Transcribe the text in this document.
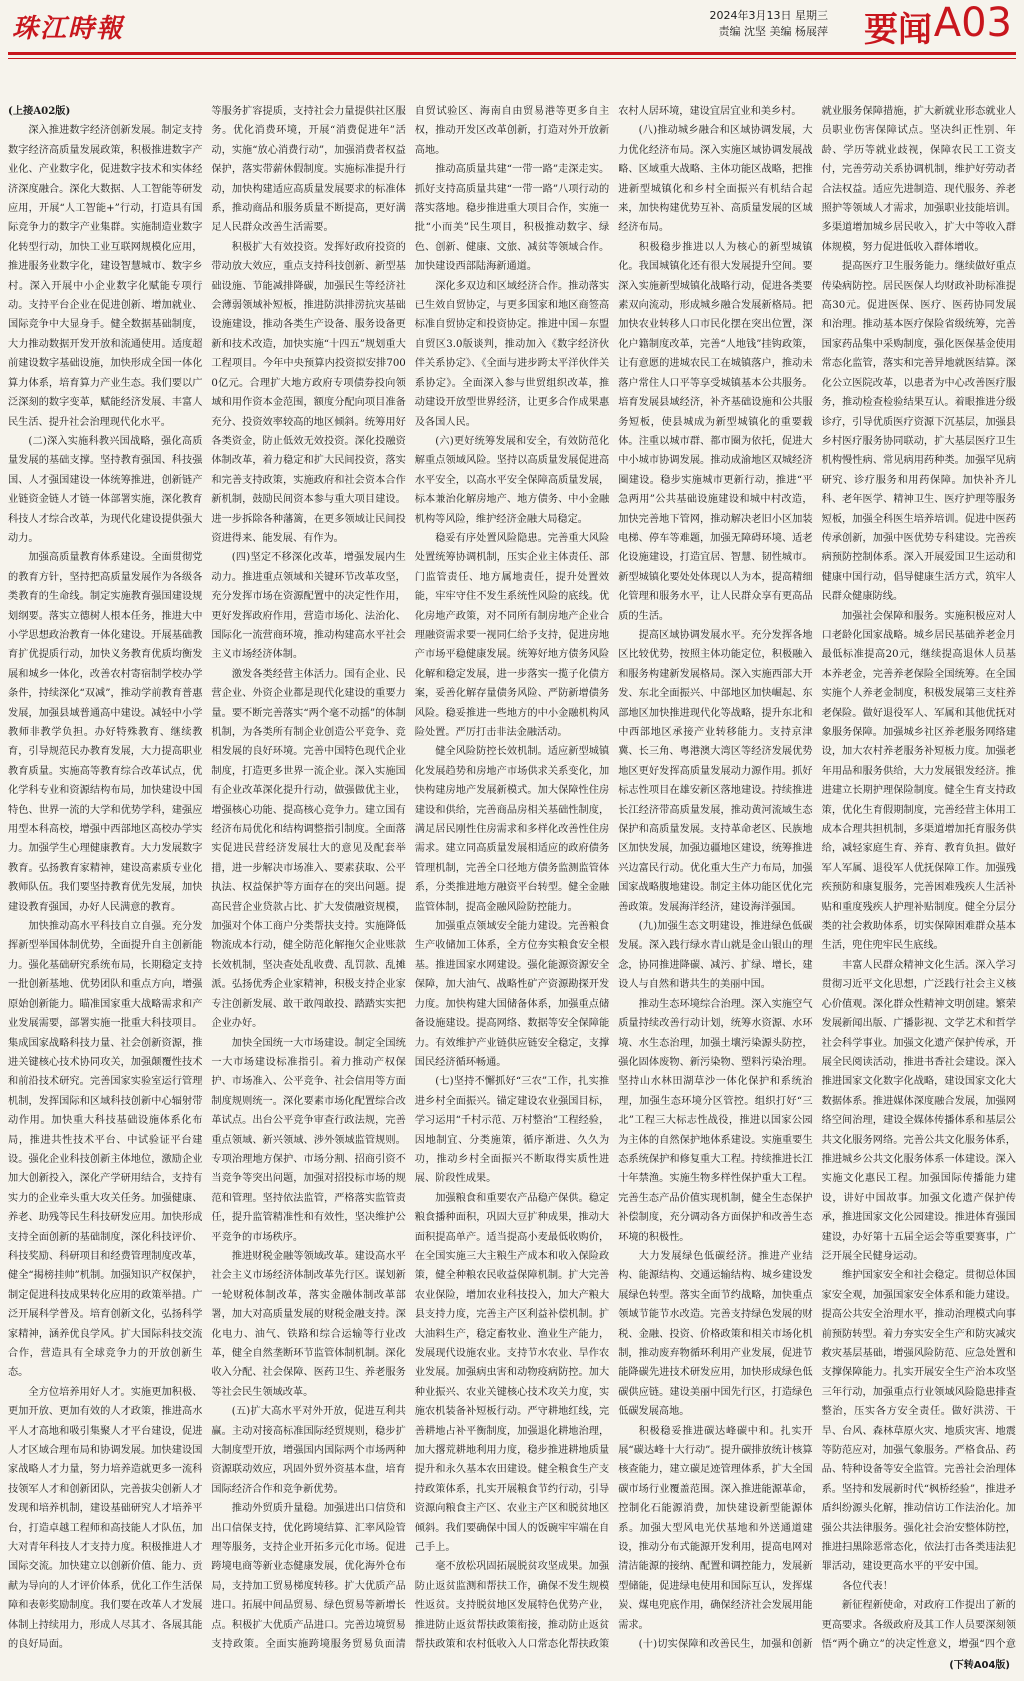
珠江時報	2024年3月13日 星期三
责编 沈坚 美编 杨展萍 要闻 A03

(上接A02版)

深入推进数字经济创新发展。制定支持数字经济高质量发展政策，积极推进数字产业化、产业数字化，促进数字技术和实体经济深度融合。深化大数据、人工智能等研发应用，开展“人工智能+”行动，打造具有国际竞争力的数字产业集群。实施制造业数字化转型行动，加快工业互联网规模化应用，推进服务业数字化，建设智慧城市、数字乡村。深入开展中小企业数字化赋能专项行动。支持平台企业在促进创新、增加就业、国际竞争中大显身手。健全数据基础制度，大力推动数据开发开放和流通使用。适度超前建设数字基础设施，加快形成全国一体化算力体系，培育算力产业生态。我们要以广泛深刻的数字变革，赋能经济发展、丰富人民生活、提升社会治理现代化水平。

(二)深入实施科教兴国战略，强化高质量发展的基础支撑。坚持教育强国、科技强国、人才强国建设一体统筹推进，创新链产业链资金链人才链一体部署实施，深化教育科技人才综合改革，为现代化建设提供强大动力。

加强高质量教育体系建设。全面贯彻党的教育方针，坚持把高质量发展作为各级各类教育的生命线。制定实施教育强国建设规划纲要。落实立德树人根本任务，推进大中小学思想政治教育一体化建设。开展基础教育扩优提质行动，加快义务教育优质均衡发展和城乡一体化，改善农村寄宿制学校办学条件，持续深化“双减”，推动学前教育普惠发展，加强县域普通高中建设。减轻中小学教师非教学负担。办好特殊教育、继续教育，引导规范民办教育发展，大力提高职业教育质量。实施高等教育综合改革试点，优化学科专业和资源结构布局，加快建设中国特色、世界一流的大学和优势学科，建强应用型本科高校，增强中西部地区高校办学实力。加强学生心理健康教育。大力发展数字教育。弘扬教育家精神，建设高素质专业化教师队伍。我们要坚持教育优先发展，加快建设教育强国，办好人民满意的教育。

加快推动高水平科技自立自强。充分发挥新型举国体制优势，全面提升自主创新能力。强化基础研究系统布局，长期稳定支持一批创新基地、优势团队和重点方向，增强原始创新能力。瞄准国家重大战略需求和产业发展需要，部署实施一批重大科技项目。集成国家战略科技力量、社会创新资源，推进关键核心技术协同攻关，加强颠覆性技术和前沿技术研究。完善国家实验室运行管理机制，发挥国际和区域科技创新中心辐射带动作用。加快重大科技基础设施体系化布局，推进共性技术平台、中试验证平台建设。强化企业科技创新主体地位，激励企业加大创新投入，深化产学研用结合，支持有实力的企业牵头重大攻关任务。加强健康、养老、助残等民生科技研发应用。加快形成支持全面创新的基础制度，深化科技评价、科技奖励、科研项目和经费管理制度改革，健全“揭榜挂帅”机制。加强知识产权保护，制定促进科技成果转化应用的政策举措。广泛开展科学普及。培育创新文化，弘扬科学家精神，涵养优良学风。扩大国际科技交流合作，营造具有全球竞争力的开放创新生态。

全方位培养用好人才。实施更加积极、更加开放、更加有效的人才政策，推进高水平人才高地和吸引集聚人才平台建设，促进人才区域合理布局和协调发展。加快建设国家战略人才力量，努力培养造就更多一流科技领军人才和创新团队，完善拔尖创新人才发现和培养机制，建设基础研究人才培养平台，打造卓越工程师和高技能人才队伍，加大对青年科技人才支持力度。积极推进人才国际交流。加快建立以创新价值、能力、贡献为导向的人才评价体系，优化工作生活保障和表彰奖励制度。我们要在改革人才发展体制上持续用力，形成人尽其才、各展其能的良好局面。

等服务扩容提质，支持社会力量提供社区服务。优化消费环境，开展“消费促进年”活动，实施“放心消费行动”，加强消费者权益保护，落实带薪休假制度。实施标准提升行动，加快构建适应高质量发展要求的标准体系，推动商品和服务质量不断提高，更好满足人民群众改善生活需要。

积极扩大有效投资。发挥好政府投资的带动放大效应，重点支持科技创新、新型基础设施、节能减排降碳，加强民生等经济社会薄弱领域补短板，推进防洪排涝抗灾基础设施建设，推动各类生产设备、服务设备更新和技术改造，加快实施“十四五”规划重大工程项目。今年中央预算内投资拟安排7000亿元。合理扩大地方政府专项债券投向领域和用作资本金范围，额度分配向项目准备充分、投资效率较高的地区倾斜。统筹用好各类资金，防止低效无效投资。深化投融资体制改革，着力稳定和扩大民间投资，落实和完善支持政策，实施政府和社会资本合作新机制，鼓励民间资本参与重大项目建设。进一步拆除各种藩篱，在更多领域让民间投资进得来、能发展、有作为。

(四)坚定不移深化改革，增强发展内生动力。推进重点领域和关键环节改革攻坚，充分发挥市场在资源配置中的决定性作用，更好发挥政府作用，营造市场化、法治化、国际化一流营商环境，推动构建高水平社会主义市场经济体制。

激发各类经营主体活力。国有企业、民营企业、外资企业都是现代化建设的重要力量。要不断完善落实“两个毫不动摇”的体制机制，为各类所有制企业创造公平竞争、竞相发展的良好环境。完善中国特色现代企业制度，打造更多世界一流企业。深入实施国有企业改革深化提升行动，做强做优主业，增强核心功能、提高核心竞争力。建立国有经济布局优化和结构调整指引制度。全面落实促进民营经济发展壮大的意见及配套举措，进一步解决市场准入、要素获取、公平执法、权益保护等方面存在的突出问题。提高民营企业贷款占比、扩大发债融资规模，加强对个体工商户分类帮扶支持。实施降低物流成本行动，健全防范化解拖欠企业账款长效机制，坚决查处乱收费、乱罚款、乱摊派。弘扬优秀企业家精神，积极支持企业家专注创新发展、敢干敢闯敢投、踏踏实实把企业办好。

加快全国统一大市场建设。制定全国统一大市场建设标准指引。着力推动产权保护、市场准入、公平竞争、社会信用等方面制度规则统一。深化要素市场化配置综合改革试点。出台公平竞争审查行政法规，完善重点领域、新兴领域、涉外领域监管规则。专项治理地方保护、市场分割、招商引资不当竞争等突出问题，加强对招投标市场的规范和管理。坚持依法监管，严格落实监管责任，提升监管精准性和有效性，坚决维护公平竞争的市场秩序。

推进财税金融等领域改革。建设高水平社会主义市场经济体制改革先行区。谋划新一轮财税体制改革，落实金融体制改革部署，加大对高质量发展的财税金融支持。深化电力、油气、铁路和综合运输等行业改革，健全自然垄断环节监管体制机制。深化收入分配、社会保障、医药卫生、养老服务等社会民生领域改革。

(五)扩大高水平对外开放，促进互利共赢。主动对接高标准国际经贸规则，稳步扩大制度型开放，增强国内国际两个市场两种资源联动效应，巩固外贸外资基本盘，培育国际经济合作和竞争新优势。

推动外贸质升量稳。加强进出口信贷和出口信保支持，优化跨境结算、汇率风险管理等服务，支持企业开拓多元化市场。促进跨境电商等新业态健康发展，优化海外仓布局，支持加工贸易梯度转移。扩大优质产品进口。拓展中间品贸易、绿色贸易等新增长点。积极扩大优质产品进口。完善边境贸易支持政策。全面实施跨境服务贸易负面清

自贸试验区、海南自由贸易港等更多自主权，推动开发区改革创新，打造对外开放新高地。

推动高质量共建“一带一路”走深走实。抓好支持高质量共建“一带一路”八项行动的落实落地。稳步推进重大项目合作，实施一批“小而美”民生项目，积极推动数字、绿色、创新、健康、文旅、减贫等领域合作。加快建设西部陆海新通道。

深化多双边和区域经济合作。推动落实已生效自贸协定，与更多国家和地区商签高标准自贸协定和投资协定。推进中国－东盟自贸区3.0版谈判，推动加入《数字经济伙伴关系协定》、《全面与进步跨太平洋伙伴关系协定》。全面深入参与世贸组织改革，推动建设开放型世界经济，让更多合作成果惠及各国人民。

(六)更好统筹发展和安全，有效防范化解重点领域风险。坚持以高质量发展促进高水平安全，以高水平安全保障高质量发展，标本兼治化解房地产、地方债务、中小金融机构等风险，维护经济金融大局稳定。

稳妥有序处置风险隐患。完善重大风险处置统筹协调机制，压实企业主体责任、部门监管责任、地方属地责任，提升处置效能，牢牢守住不发生系统性风险的底线。优化房地产政策，对不同所有制房地产企业合理融资需求要一视同仁给予支持，促进房地产市场平稳健康发展。统筹好地方债务风险化解和稳定发展，进一步落实一揽子化债方案，妥善化解存量债务风险、严防新增债务风险。稳妥推进一些地方的中小金融机构风险处置。严厉打击非法金融活动。

健全风险防控长效机制。适应新型城镇化发展趋势和房地产市场供求关系变化，加快构建房地产发展新模式。加大保障性住房建设和供给，完善商品房相关基础性制度，满足居民刚性住房需求和多样化改善性住房需求。建立同高质量发展相适应的政府债务管理机制，完善全口径地方债务监测监管体系，分类推进地方融资平台转型。健全金融监管体制，提高金融风险防控能力。

加强重点领域安全能力建设。完善粮食生产收储加工体系，全方位夯实粮食安全根基。推进国家水网建设。强化能源资源安全保障，加大油气、战略性矿产资源勘探开发力度。加快构建大国储备体系，加强重点储备设施建设。提高网络、数据等安全保障能力。有效维护产业链供应链安全稳定，支撑国民经济循环畅通。

(七)坚持不懈抓好“三农”工作，扎实推进乡村全面振兴。锚定建设农业强国目标，学习运用“千村示范、万村整治”工程经验，因地制宜、分类施策，循序渐进、久久为功，推动乡村全面振兴不断取得实质性进展、阶段性成果。

加强粮食和重要农产品稳产保供。稳定粮食播种面积，巩固大豆扩种成果，推动大面积提高单产。适当提高小麦最低收购价，在全国实施三大主粮生产成本和收入保险政策，健全种粮农民收益保障机制。扩大完善农业保险，增加农业科技投入，加大产粮大县支持力度，完善主产区利益补偿机制。扩大油料生产，稳定畜牧业、渔业生产能力，发展现代设施农业。支持节水农业、旱作农业发展。加强病虫害和动物疫病防控。加大种业振兴、农业关键核心技术攻关力度，实施农机装备补短板行动。严守耕地红线，完善耕地占补平衡制度，加强退化耕地治理，加大撂荒耕地利用力度，稳步推进耕地质量提升和永久基本农田建设。健全粮食生产支持政策体系，扎实开展粮食节约行动，引导资源向粮食主产区、农业主产区和脱贫地区倾斜。我们要确保中国人的饭碗牢牢端在自己手上。

毫不放松巩固拓展脱贫攻坚成果。加强防止返贫监测和帮扶工作，确保不发生规模性返贫。支持脱贫地区发展特色优势产业，推进防止返贫帮扶政策衔接，推动防止返贫帮扶政策和农村低收入人口常态化帮扶政策

农村人居环境，建设宜居宜业和美乡村。

(八)推动城乡融合和区域协调发展，大力优化经济布局。深入实施区域协调发展战略、区域重大战略、主体功能区战略，把推进新型城镇化和乡村全面振兴有机结合起来，加快构建优势互补、高质量发展的区域经济布局。

积极稳步推进以人为核心的新型城镇化。我国城镇化还有很大发展提升空间。要深入实施新型城镇化战略行动，促进各类要素双向流动，形成城乡融合发展新格局。把加快农业转移人口市民化摆在突出位置，深化户籍制度改革，完善“人地钱”挂钩政策，让有意愿的进城农民工在城镇落户，推动未落户常住人口平等享受城镇基本公共服务。培育发展县域经济，补齐基础设施和公共服务短板，使县城成为新型城镇化的重要载体。注重以城市群、都市圈为依托，促进大中小城市协调发展。推动成渝地区双城经济圈建设。稳步实施城市更新行动，推进“平急两用”公共基础设施建设和城中村改造，加快完善地下管网，推动解决老旧小区加装电梯、停车等难题，加强无障碍环境、适老化设施建设，打造宜居、智慧、韧性城市。新型城镇化要处处体现以人为本，提高精细化管理和服务水平，让人民群众享有更高品质的生活。

提高区域协调发展水平。充分发挥各地区比较优势，按照主体功能定位，积极融入和服务构建新发展格局。深入实施西部大开发、东北全面振兴、中部地区加快崛起、东部地区加快推进现代化等战略，提升东北和中西部地区承接产业转移能力。支持京津冀、长三角、粤港澳大湾区等经济发展优势地区更好发挥高质量发展动力源作用。抓好标志性项目在雄安新区落地建设。持续推进长江经济带高质量发展，推动黄河流域生态保护和高质量发展。支持革命老区、民族地区加快发展，加强边疆地区建设，统筹推进兴边富民行动。优化重大生产力布局，加强国家战略腹地建设。制定主体功能区优化完善政策。发展海洋经济，建设海洋强国。

(九)加强生态文明建设，推进绿色低碳发展。深入践行绿水青山就是金山银山的理念，协同推进降碳、减污、扩绿、增长，建设人与自然和谐共生的美丽中国。

推动生态环境综合治理。深入实施空气质量持续改善行动计划，统筹水资源、水环境、水生态治理，加强土壤污染源头防控，强化固体废物、新污染物、塑料污染治理。坚持山水林田湖草沙一体化保护和系统治理，加强生态环境分区管控。组织打好“三北”工程三大标志性战役，推进以国家公园为主体的自然保护地体系建设。实施重要生态系统保护和修复重大工程。持续推进长江十年禁渔。实施生物多样性保护重大工程。完善生态产品价值实现机制，健全生态保护补偿制度，充分调动各方面保护和改善生态环境的积极性。

大力发展绿色低碳经济。推进产业结构、能源结构、交通运输结构、城乡建设发展绿色转型。落实全面节约战略，加快重点领域节能节水改造。完善支持绿色发展的财税、金融、投资、价格政策和相关市场化机制，推动废弃物循环利用产业发展，促进节能降碳先进技术研发应用，加快形成绿色低碳供应链。建设美丽中国先行区，打造绿色低碳发展高地。

积极稳妥推进碳达峰碳中和。扎实开展“碳达峰十大行动”。提升碳排放统计核算核查能力，建立碳足迹管理体系，扩大全国碳市场行业覆盖范围。深入推进能源革命，控制化石能源消费，加快建设新型能源体系。加强大型风电光伏基地和外送通道建设，推动分布式能源开发利用，提高电网对清洁能源的接纳、配置和调控能力，发展新型储能，促进绿电使用和国际互认，发挥煤炭、煤电兜底作用，确保经济社会发展用能需求。

(十)切实保障和改善民生，加强和创新

就业服务保障措施，扩大新就业形态就业人员职业伤害保障试点。坚决纠正性别、年龄、学历等就业歧视，保障农民工工资支付，完善劳动关系协调机制，维护好劳动者合法权益。适应先进制造、现代服务、养老照护等领域人才需求，加强职业技能培训。多渠道增加城乡居民收入，扩大中等收入群体规模，努力促进低收入群体增收。

提高医疗卫生服务能力。继续做好重点传染病防控。居民医保人均财政补助标准提高30元。促进医保、医疗、医药协同发展和治理。推动基本医疗保险省级统筹，完善国家药品集中采购制度，强化医保基金使用常态化监管，落实和完善异地就医结算。深化公立医院改革，以患者为中心改善医疗服务，推动检查检验结果互认。着眼推进分级诊疗，引导优质医疗资源下沉基层，加强县乡村医疗服务协同联动，扩大基层医疗卫生机构慢性病、常见病用药种类。加强罕见病研究、诊疗服务和用药保障。加快补齐儿科、老年医学、精神卫生、医疗护理等服务短板，加强全科医生培养培训。促进中医药传承创新，加强中医优势专科建设。完善疾病预防控制体系。深入开展爱国卫生运动和健康中国行动，倡导健康生活方式，筑牢人民群众健康防线。

加强社会保障和服务。实施积极应对人口老龄化国家战略。城乡居民基础养老金月最低标准提高20元，继续提高退休人员基本养老金，完善养老保险全国统筹。在全国实施个人养老金制度，积极发展第三支柱养老保险。做好退役军人、军属和其他优抚对象服务保障。加强城乡社区养老服务网络建设，加大农村养老服务补短板力度。加强老年用品和服务供给，大力发展银发经济。推进建立长期护理保险制度。健全生育支持政策，优化生育假期制度，完善经营主体用工成本合理共担机制，多渠道增加托育服务供给，减轻家庭生育、养育、教育负担。做好军人军属、退役军人优抚保障工作。加强残疾预防和康复服务，完善困难残疾人生活补贴和重度残疾人护理补贴制度。健全分层分类的社会救助体系，切实保障困难群众基本生活，兜住兜牢民生底线。

丰富人民群众精神文化生活。深入学习贯彻习近平文化思想，广泛践行社会主义核心价值观。深化群众性精神文明创建。繁荣发展新闻出版、广播影视、文学艺术和哲学社会科学事业。加强文化遗产保护传承，开展全民阅读活动，推进书香社会建设。深入推进国家文化数字化战略，建设国家文化大数据体系。推进媒体深度融合发展，加强网络空间治理，建设全媒体传播体系和基层公共文化服务网络。完善公共文化服务体系，推进城乡公共文化服务体系一体建设。深入实施文化惠民工程。加强国际传播能力建设，讲好中国故事。加强文化遗产保护传承，推进国家文化公园建设。推进体育强国建设，办好第十五届全运会等重要赛事，广泛开展全民健身运动。

维护国家安全和社会稳定。贯彻总体国家安全观，加强国家安全体系和能力建设。提高公共安全治理水平，推动治理模式向事前预防转型。着力夯实安全生产和防灾减灾救灾基层基础，增强风险防范、应急处置和支撑保障能力。扎实开展安全生产治本攻坚三年行动，加强重点行业领域风险隐患排查整治，压实各方安全责任。做好洪涝、干旱、台风、森林草原火灾、地质灾害、地震等防范应对，加强气象服务。严格食品、药品、特种设备等安全监管。完善社会治理体系。坚持和发展新时代“枫桥经验”，推进矛盾纠纷源头化解，推动信访工作法治化。加强公共法律服务。强化社会治安整体防控，推进扫黑除恶常态化，依法打击各类违法犯罪活动，建设更高水平的平安中国。

各位代表！

新征程新使命，对政府工作提出了新的更高要求。各级政府及其工作人员要深刻领悟“两个确立”的决定性意义，增强“四个意

(下转A04版)
